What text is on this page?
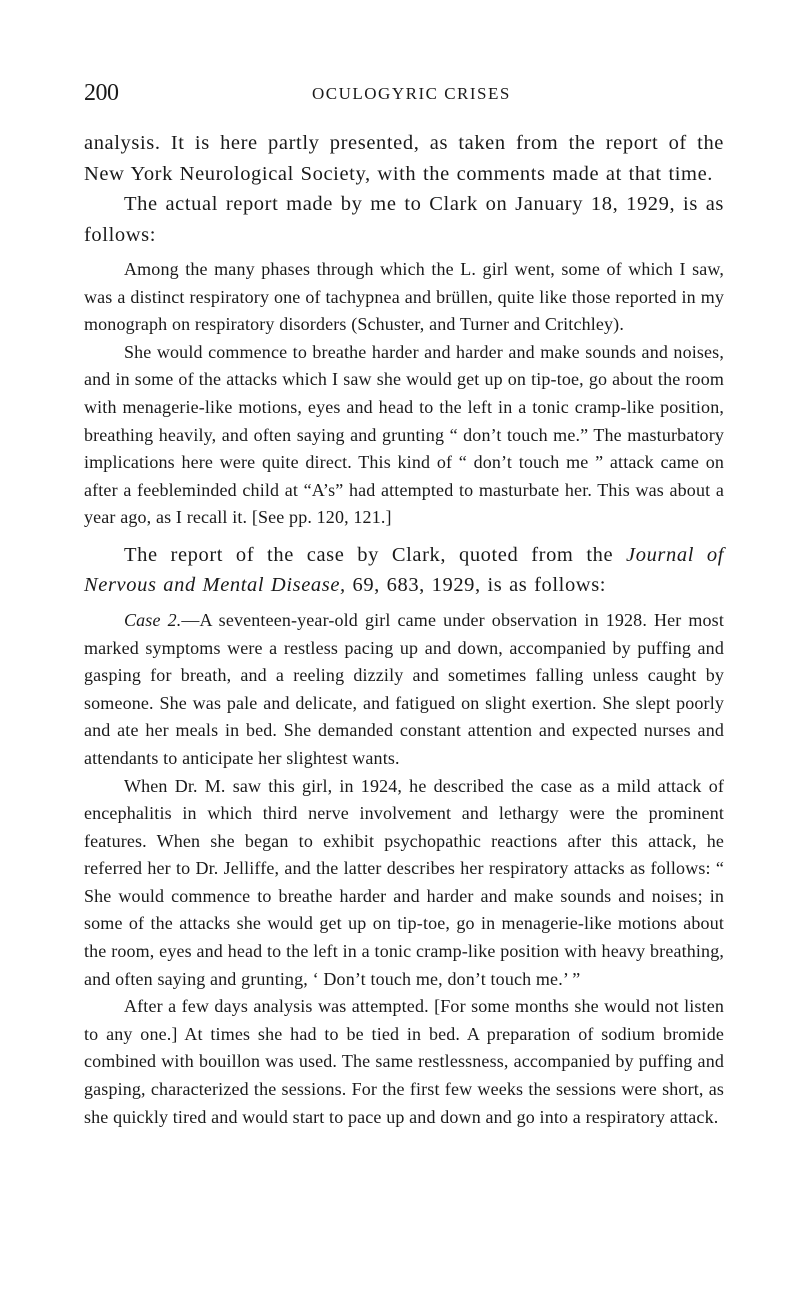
200	OCULOGYRIC CRISES

analysis. It is here partly presented, as taken from the report of the New York Neurological Society, with the comments made at that time.

The actual report made by me to Clark on January 18, 1929, is as follows:

Among the many phases through which the L. girl went, some of which I saw, was a distinct respiratory one of tachypnea and brüllen, quite like those reported in my monograph on respiratory disorders (Schuster, and Turner and Critchley).

She would commence to breathe harder and harder and make sounds and noises, and in some of the attacks which I saw she would get up on tip-toe, go about the room with menagerie-like motions, eyes and head to the left in a tonic cramp-like position, breathing heavily, and often saying and grunting “ don’t touch me.” The masturbatory implications here were quite direct. This kind of “ don’t touch me ” attack came on after a feebleminded child at “A’s” had attempted to masturbate her. This was about a year ago, as I recall it. [See pp. 120, 121.]

The report of the case by Clark, quoted from the Journal of Nervous and Mental Disease, 69, 683, 1929, is as follows:

Case 2.—A seventeen-year-old girl came under observation in 1928. Her most marked symptoms were a restless pacing up and down, accompanied by puffing and gasping for breath, and a reeling dizzily and sometimes falling unless caught by someone. She was pale and delicate, and fatigued on slight exertion. She slept poorly and ate her meals in bed. She demanded constant attention and expected nurses and attendants to anticipate her slightest wants.

When Dr. M. saw this girl, in 1924, he described the case as a mild attack of encephalitis in which third nerve involvement and lethargy were the prominent features. When she began to exhibit psychopathic reactions after this attack, he referred her to Dr. Jelliffe, and the latter describes her respiratory attacks as follows: “ She would commence to breathe harder and harder and make sounds and noises; in some of the attacks she would get up on tip-toe, go in menagerie-like motions about the room, eyes and head to the left in a tonic cramp-like position with heavy breathing, and often saying and grunting, ‘ Don’t touch me, don’t touch me.’ ”

After a few days analysis was attempted. [For some months she would not listen to any one.] At times she had to be tied in bed. A preparation of sodium bromide combined with bouillon was used. The same restlessness, accompanied by puffing and gasping, characterized the sessions. For the first few weeks the sessions were short, as she quickly tired and would start to pace up and down and go into a respiratory attack.
